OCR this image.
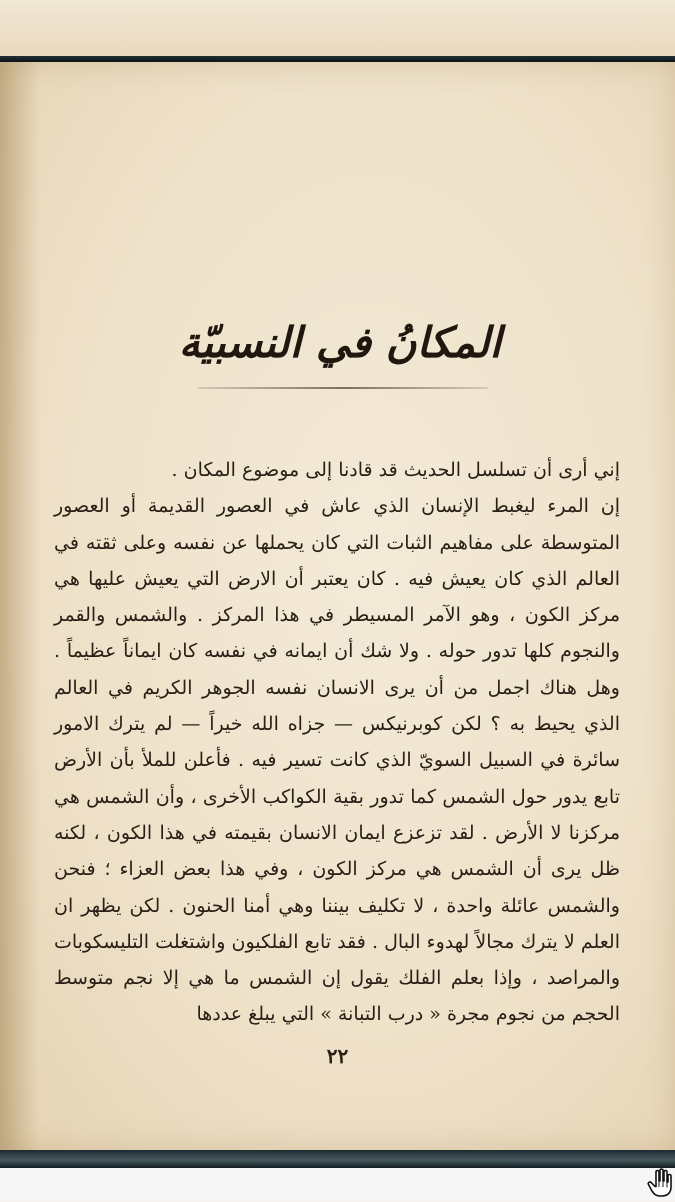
المكانُ في النسبيّة

إني أرى أن تسلسل الحديث قد قادنا إلى موضوع المكان .

إن المرء ليغبط الإنسان الذي عاش في العصور القديمة أو العصور المتوسطة على مفاهيم الثبات التي كان يحملها عن نفسه وعلى ثقته في العالم الذي كان يعيش فيه . كان يعتبر أن الارض التي يعيش عليها هي مركز الكون ، وهو الآمر المسيطر في هذا المركز . والشمس والقمر والنجوم كلها تدور حوله . ولا شك أن ايمانه في نفسه كان ايماناً عظيماً . وهل هناك اجمل من أن يرى الانسان نفسه الجوهر الكريم في العالم الذي يحيط به ؟ لكن كوبرنيكس — جزاه الله خيراً — لم يترك الامور سائرة في السبيل السويّ الذي كانت تسير فيه . فأعلن للملأ بأن الأرض تابع يدور حول الشمس كما تدور بقية الكواكب الأخرى ، وأن الشمس هي مركزنا لا الأرض . لقد تزعزع ايمان الانسان بقيمته في هذا الكون ، لكنه ظل يرى أن الشمس هي مركز الكون ، وفي هذا بعض العزاء ؛ فنحن والشمس عائلة واحدة ، لا تكليف بيننا وهي أمنا الحنون . لكن يظهر ان العلم لا يترك مجالاً لهدوء البال . فقد تابع الفلكيون واشتغلت التليسكوبات والمراصد ، وإذا بعلم الفلك يقول إن الشمس ما هي إلا نجم متوسط الحجم من نجوم مجرة « درب التبانة » التي يبلغ عددها

٢٢
